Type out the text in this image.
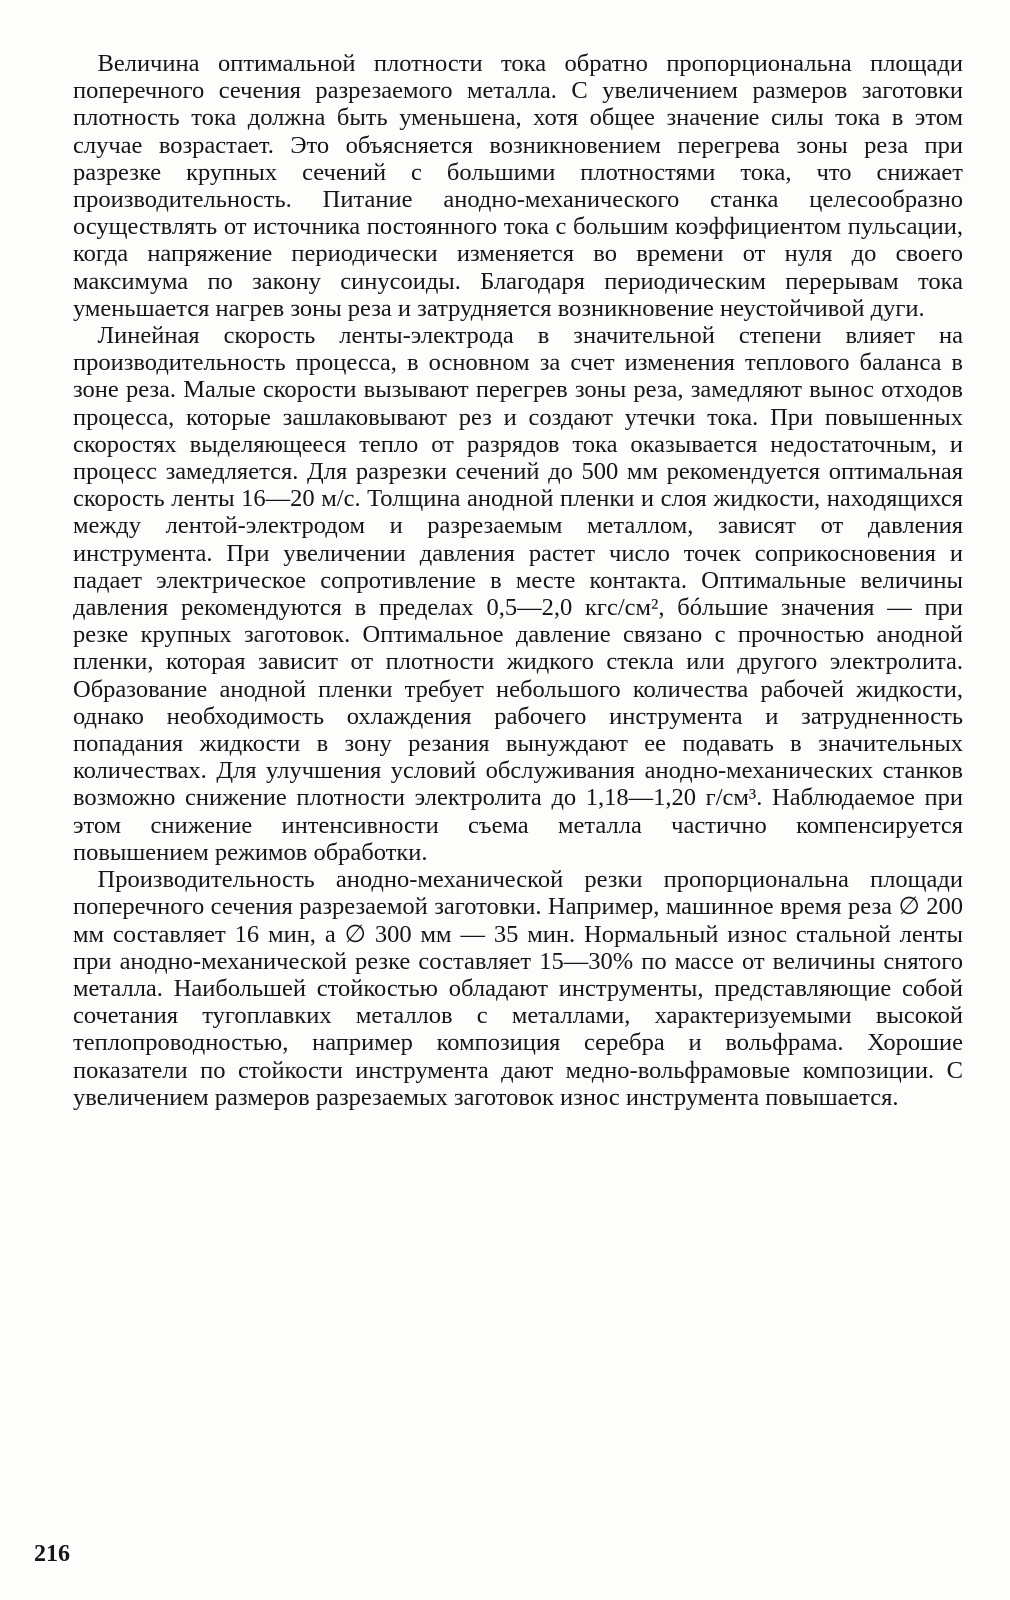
Величина оптимальной плотности тока обратно пропорциональна площади поперечного сечения разрезаемого металла. С увеличением размеров заготовки плотность тока должна быть уменьшена, хотя общее значение силы тока в этом случае возрастает. Это объясняется возникновением перегрева зоны реза при разрезке крупных сечений с большими плотностями тока, что снижает производительность. Питание анодно-механического станка целесообразно осуществлять от источника постоянного тока с большим коэффициентом пульсации, когда напряжение периодически изменяется во времени от нуля до своего максимума по закону синусоиды. Благодаря периодическим перерывам тока уменьшается нагрев зоны реза и затрудняется возникновение неустойчивой дуги.

Линейная скорость ленты-электрода в значительной степени влияет на производительность процесса, в основном за счет изменения теплового баланса в зоне реза. Малые скорости вызывают перегрев зоны реза, замедляют вынос отходов процесса, которые зашлаковывают рез и создают утечки тока. При повышенных скоростях выделяющееся тепло от разрядов тока оказывается недостаточным, и процесс замедляется. Для разрезки сечений до 500 мм рекомендуется оптимальная скорость ленты 16—20 м/с. Толщина анодной пленки и слоя жидкости, находящихся между лентой-электродом и разрезаемым металлом, зависят от давления инструмента. При увеличении давления растет число точек соприкосновения и падает электрическое сопротивление в месте контакта. Оптимальные величины давления рекомендуются в пределах 0,5—2,0 кгс/см², бóльшие значения — при резке крупных заготовок. Оптимальное давление связано с прочностью анодной пленки, которая зависит от плотности жидкого стекла или другого электролита. Образование анодной пленки требует небольшого количества рабочей жидкости, однако необходимость охлаждения рабочего инструмента и затрудненность попадания жидкости в зону резания вынуждают ее подавать в значительных количествах. Для улучшения условий обслуживания анодно-механических станков возможно снижение плотности электролита до 1,18—1,20 г/см³. Наблюдаемое при этом снижение интенсивности съема металла частично компенсируется повышением режимов обработки.

Производительность анодно-механической резки пропорциональна площади поперечного сечения разрезаемой заготовки. Например, машинное время реза ∅ 200 мм составляет 16 мин, а ∅ 300 мм — 35 мин. Нормальный износ стальной ленты при анодно-механической резке составляет 15—30% по массе от величины снятого металла. Наибольшей стойкостью обладают инструменты, представляющие собой сочетания тугоплавких металлов с металлами, характеризуемыми высокой теплопроводностью, например композиция серебра и вольфрама. Хорошие показатели по стойкости инструмента дают медно-вольфрамовые композиции. С увеличением размеров разрезаемых заготовок износ инструмента повышается.

216
